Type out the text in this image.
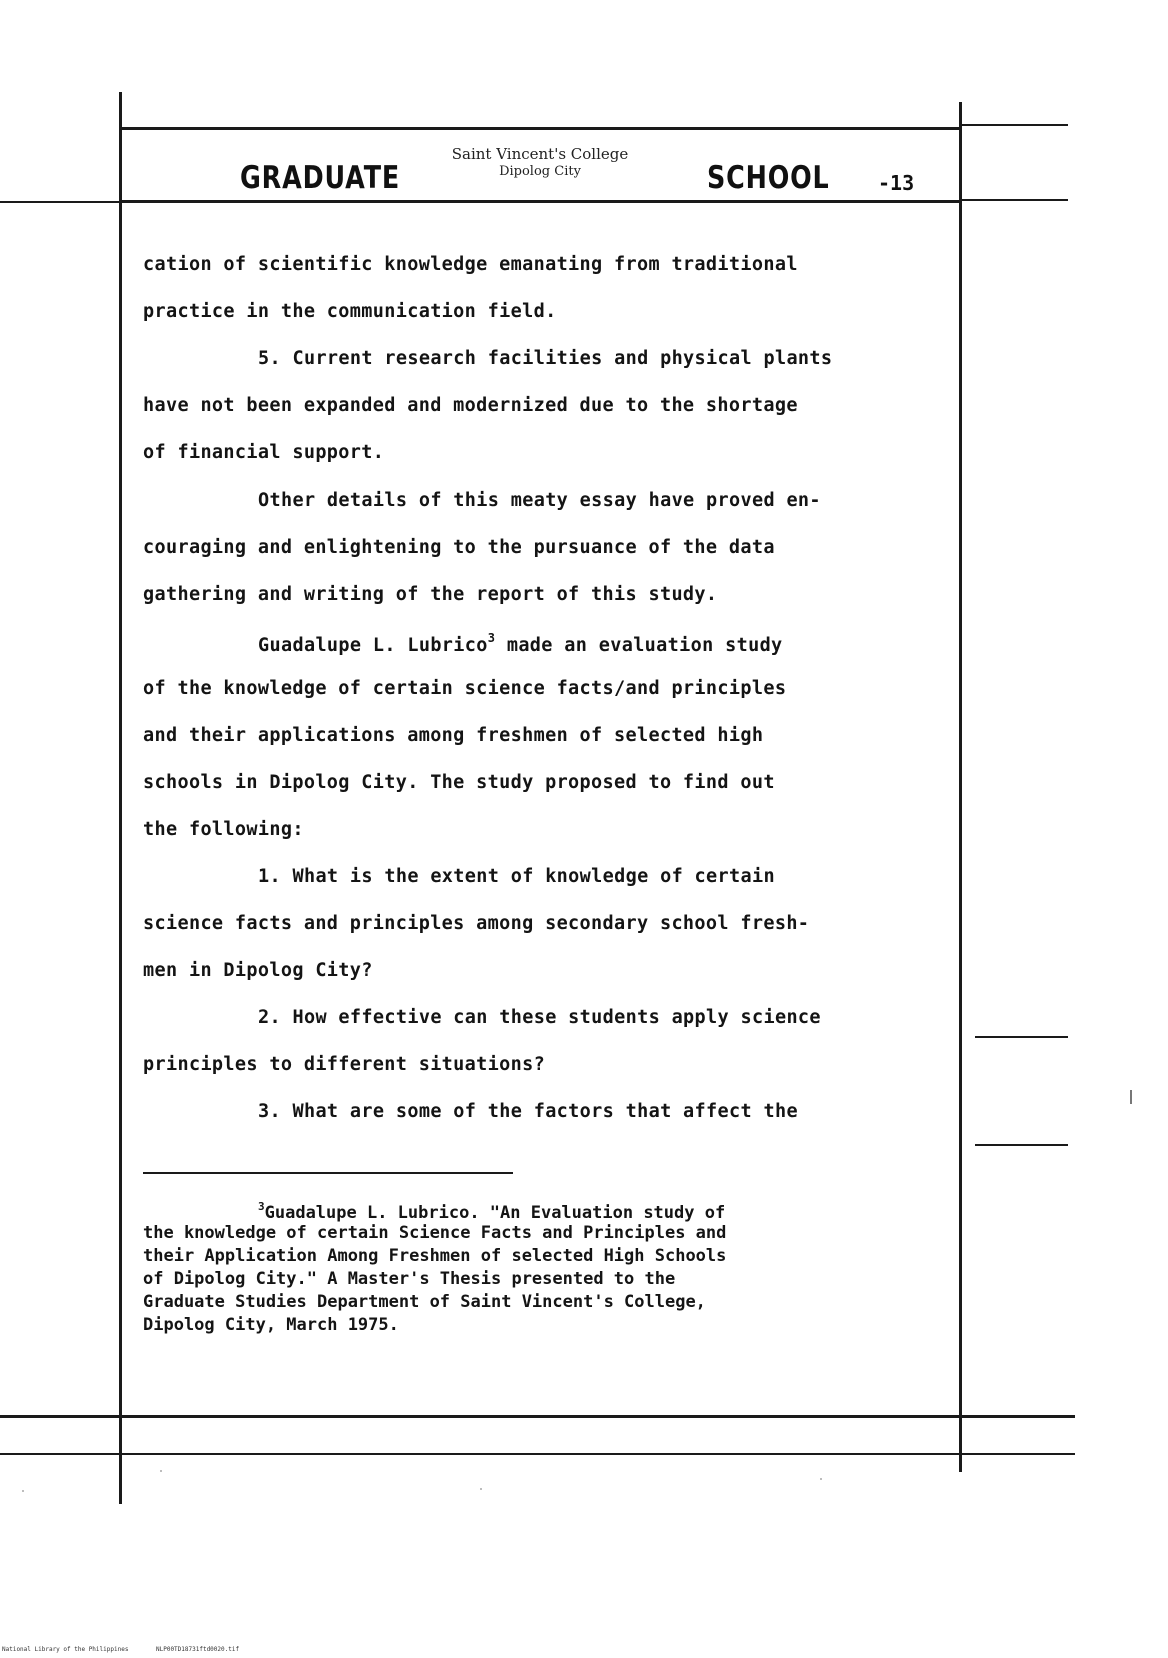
GRADUATE
Saint Vincent's College
Dipolog City	SCHOOL -13
cation of scientific knowledge emanating from traditional
practice in the communication field.
5. Current research facilities and physical plants
have not been expanded and modernized due to the shortage
of financial support.
Other details of this meaty essay have proved en-
couraging and enlightening to the pursuance of the data
gathering and writing of the report of this study.
Guadalupe L. Lubrico$^3$ made an evaluation study
of the knowledge of certain science facts/and principles
and their applications among freshmen of selected high
schools in Dipolog City. The study proposed to find out
the following:
1. What is the extent of knowledge of certain
science facts and principles among secondary school fresh-
men in Dipolog City?
2. How effective can these students apply science
principles to different situations?
3. What are some of the factors that affect the
$^3$Guadalupe L. Lubrico. "An Evaluation study of
the knowledge of certain Science Facts and Principles and
their Application Among Freshmen of selected High Schools
of Dipolog City." A Master's Thesis presented to the
Graduate Studies Department of Saint Vincent's College,
Dipolog City, March 1975.
National Library of the Philippines	NLP00TD18731ftd0020.tif
